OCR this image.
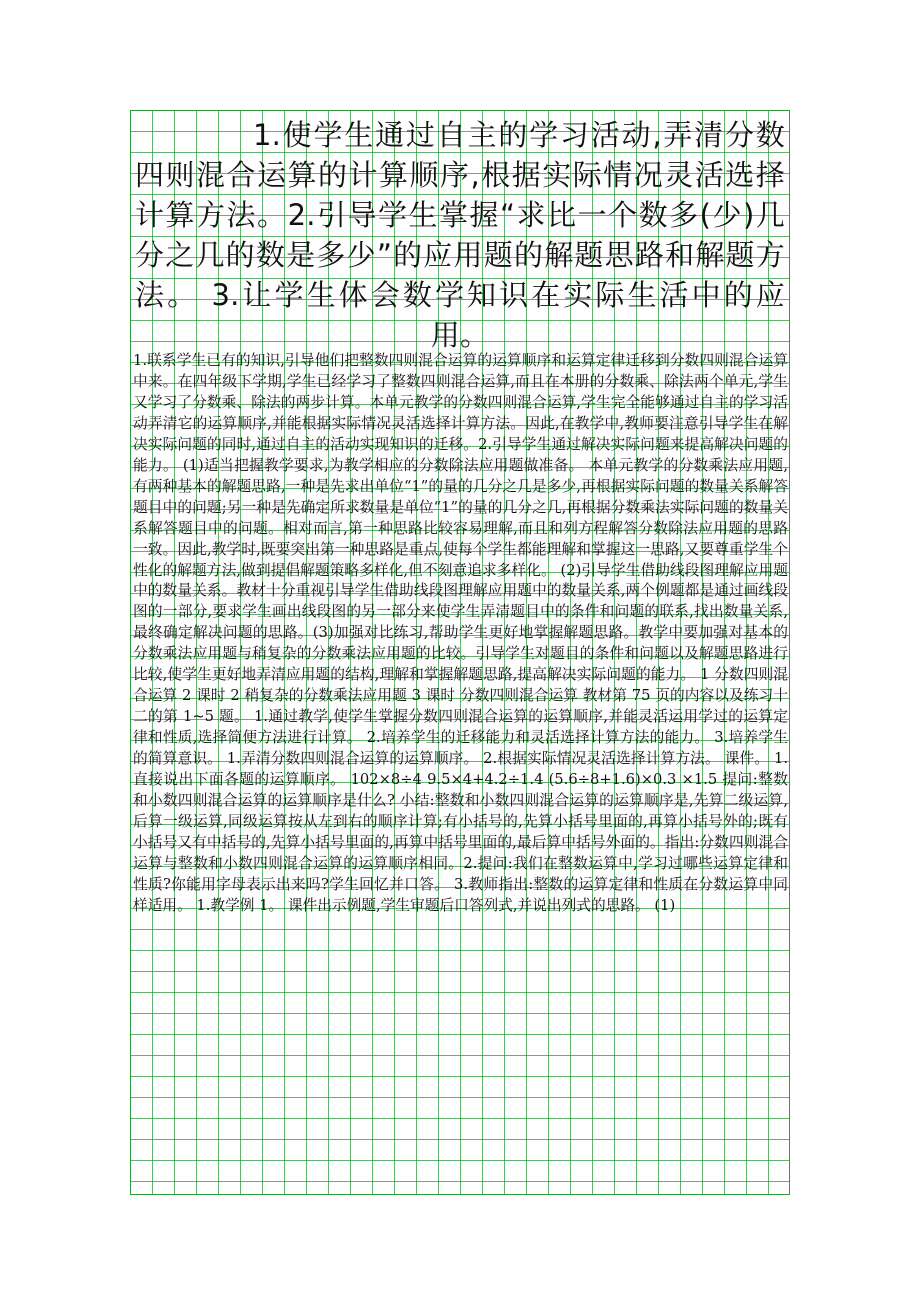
1.使学生通过自主的学习活动,弄清分数四则混合运算的计算顺序,根据实际情况灵活选择计算方法。2.引导学生掌握“求比一个数多(少)几分之几的数是多少”的应用题的解题思路和解题方法。 3.让学生体会数学知识在实际生活中的应用。

1.联系学生已有的知识,引导他们把整数四则混合运算的运算顺序和运算定律迁移到分数四则混合运算中来。在四年级下学期,学生已经学习了整数四则混合运算,而且在本册的分数乘、除法两个单元,学生又学习了分数乘、除法的两步计算。本单元教学的分数四则混合运算,学生完全能够通过自主的学习活动弄清它的运算顺序,并能根据实际情况灵活选择计算方法。因此,在教学中,教师要注意引导学生在解决实际问题的同时,通过自主的活动实现知识的迁移。2.引导学生通过解决实际问题来提高解决问题的能力。 (1)适当把握教学要求,为教学相应的分数除法应用题做准备。 本单元教学的分数乘法应用题,有两种基本的解题思路,一种是先求出单位“1”的量的几分之几是多少,再根据实际问题的数量关系解答题目中的问题;另一种是先确定所求数量是单位“1”的量的几分之几,再根据分数乘法实际问题的数量关系解答题目中的问题。相对而言,第一种思路比较容易理解,而且和列方程解答分数除法应用题的思路一致。因此,教学时,既要突出第一种思路是重点,使每个学生都能理解和掌握这一思路,又要尊重学生个性化的解题方法,做到提倡解题策略多样化,但不刻意追求多样化。 (2)引导学生借助线段图理解应用题中的数量关系。教材十分重视引导学生借助线段图理解应用题中的数量关系,两个例题都是通过画线段图的一部分,要求学生画出线段图的另一部分来使学生弄清题目中的条件和问题的联系,找出数量关系,最终确定解决问题的思路。(3)加强对比练习,帮助学生更好地掌握解题思路。教学中要加强对基本的分数乘法应用题与稍复杂的分数乘法应用题的比较。引导学生对题目的条件和问题以及解题思路进行比较,使学生更好地弄清应用题的结构,理解和掌握解题思路,提高解决实际问题的能力。 1 分数四则混合运算 2 课时 2 稍复杂的分数乘法应用题 3 课时 分数四则混合运算 教材第 75 页的内容以及练习十二的第 1~5 题。 1.通过教学,使学生掌握分数四则混合运算的运算顺序,并能灵活运用学过的运算定律和性质,选择简便方法进行计算。 2.培养学生的迁移能力和灵活选择计算方法的能力。 3.培养学生的简算意识。 1.弄清分数四则混合运算的运算顺序。 2.根据实际情况灵活选择计算方法。 课件。 1.直接说出下面各题的运算顺序。 102×8÷4 9.5×4+4.2÷1.4 (5.6÷8+1.6)×0.3 ×1.5 提问:整数和小数四则混合运算的运算顺序是什么? 小结:整数和小数四则混合运算的运算顺序是,先算二级运算,后算一级运算,同级运算按从左到右的顺序计算;有小括号的,先算小括号里面的,再算小括号外的;既有小括号又有中括号的,先算小括号里面的,再算中括号里面的,最后算中括号外面的。指出:分数四则混合运算与整数和小数四则混合运算的运算顺序相同。2.提问:我们在整数运算中,学习过哪些运算定律和性质?你能用字母表示出来吗?学生回忆并口答。 3.教师指出:整数的运算定律和性质在分数运算中同样适用。 1.教学例 1。 课件出示例题,学生审题后口答列式,并说出列式的思路。 (1)
